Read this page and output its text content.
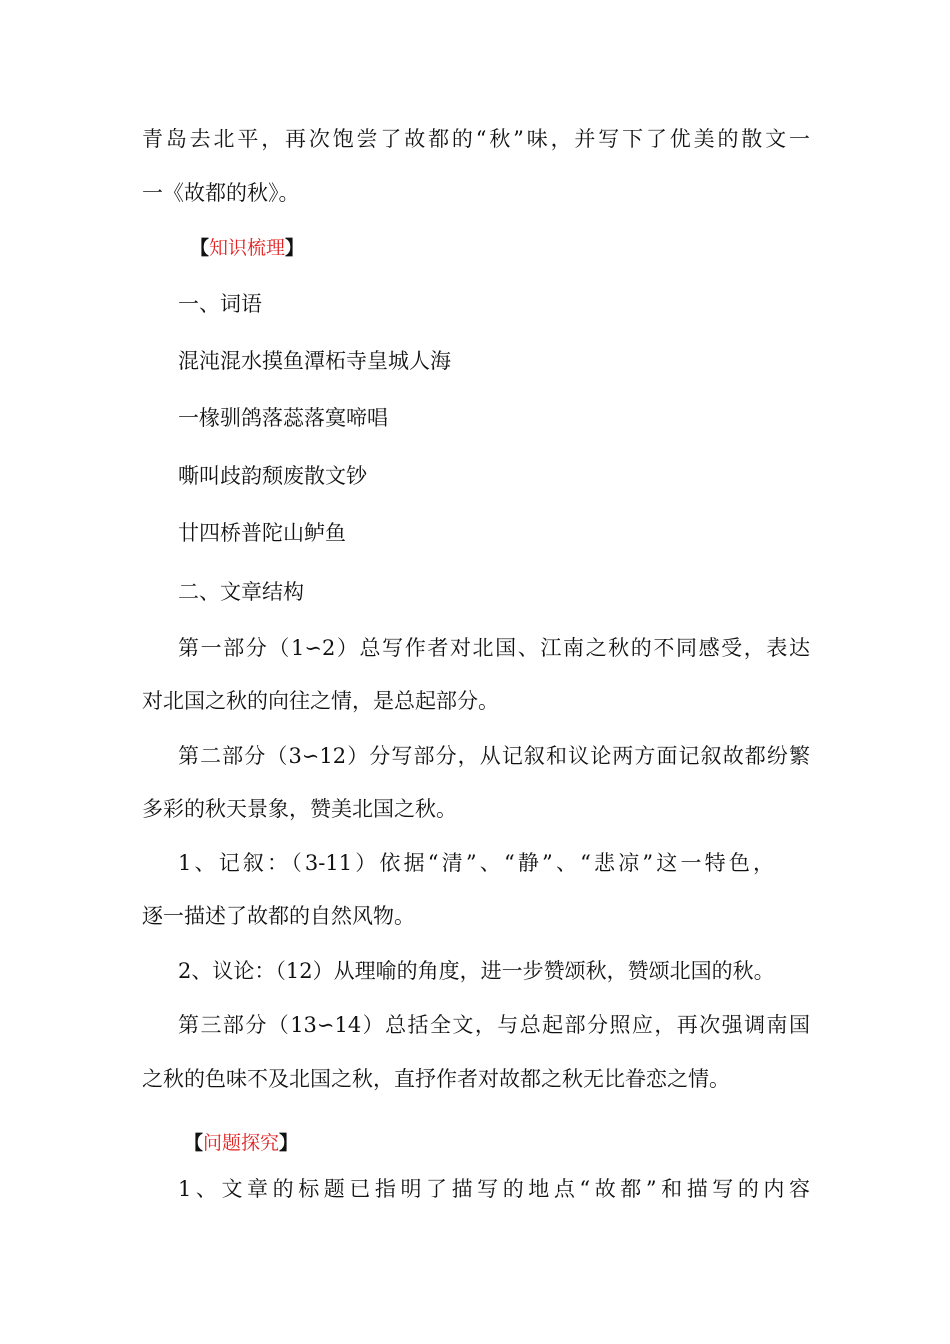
青岛去北平，再次饱尝了故都的“秋”味，并写下了优美的散文一

一《故都的秋》。

【知识梳理】

一、词语

混沌混水摸鱼潭柘寺皇城人海

一椽驯鸽落蕊落寞啼唱

嘶叫歧韵颓废散文钞

廿四桥普陀山鲈鱼

二、文章结构

第一部分（1∽2）总写作者对北国、江南之秋的不同感受，表达

对北国之秋的向往之情，是总起部分。

第二部分（3∽12）分写部分，从记叙和议论两方面记叙故都纷繁

多彩的秋天景象，赞美北国之秋。

1、记叙：（3-11）依据“清”、“静”、“悲凉”这一特色，

逐一描述了故都的自然风物。

2、议论：（12）从理喻的角度，进一步赞颂秋，赞颂北国的秋。

第三部分（13∽14）总括全文，与总起部分照应，再次强调南国

之秋的色味不及北国之秋，直抒作者对故都之秋无比眷恋之情。

【问题探究】

1、文章的标题已指明了描写的地点“故都”和描写的内容
